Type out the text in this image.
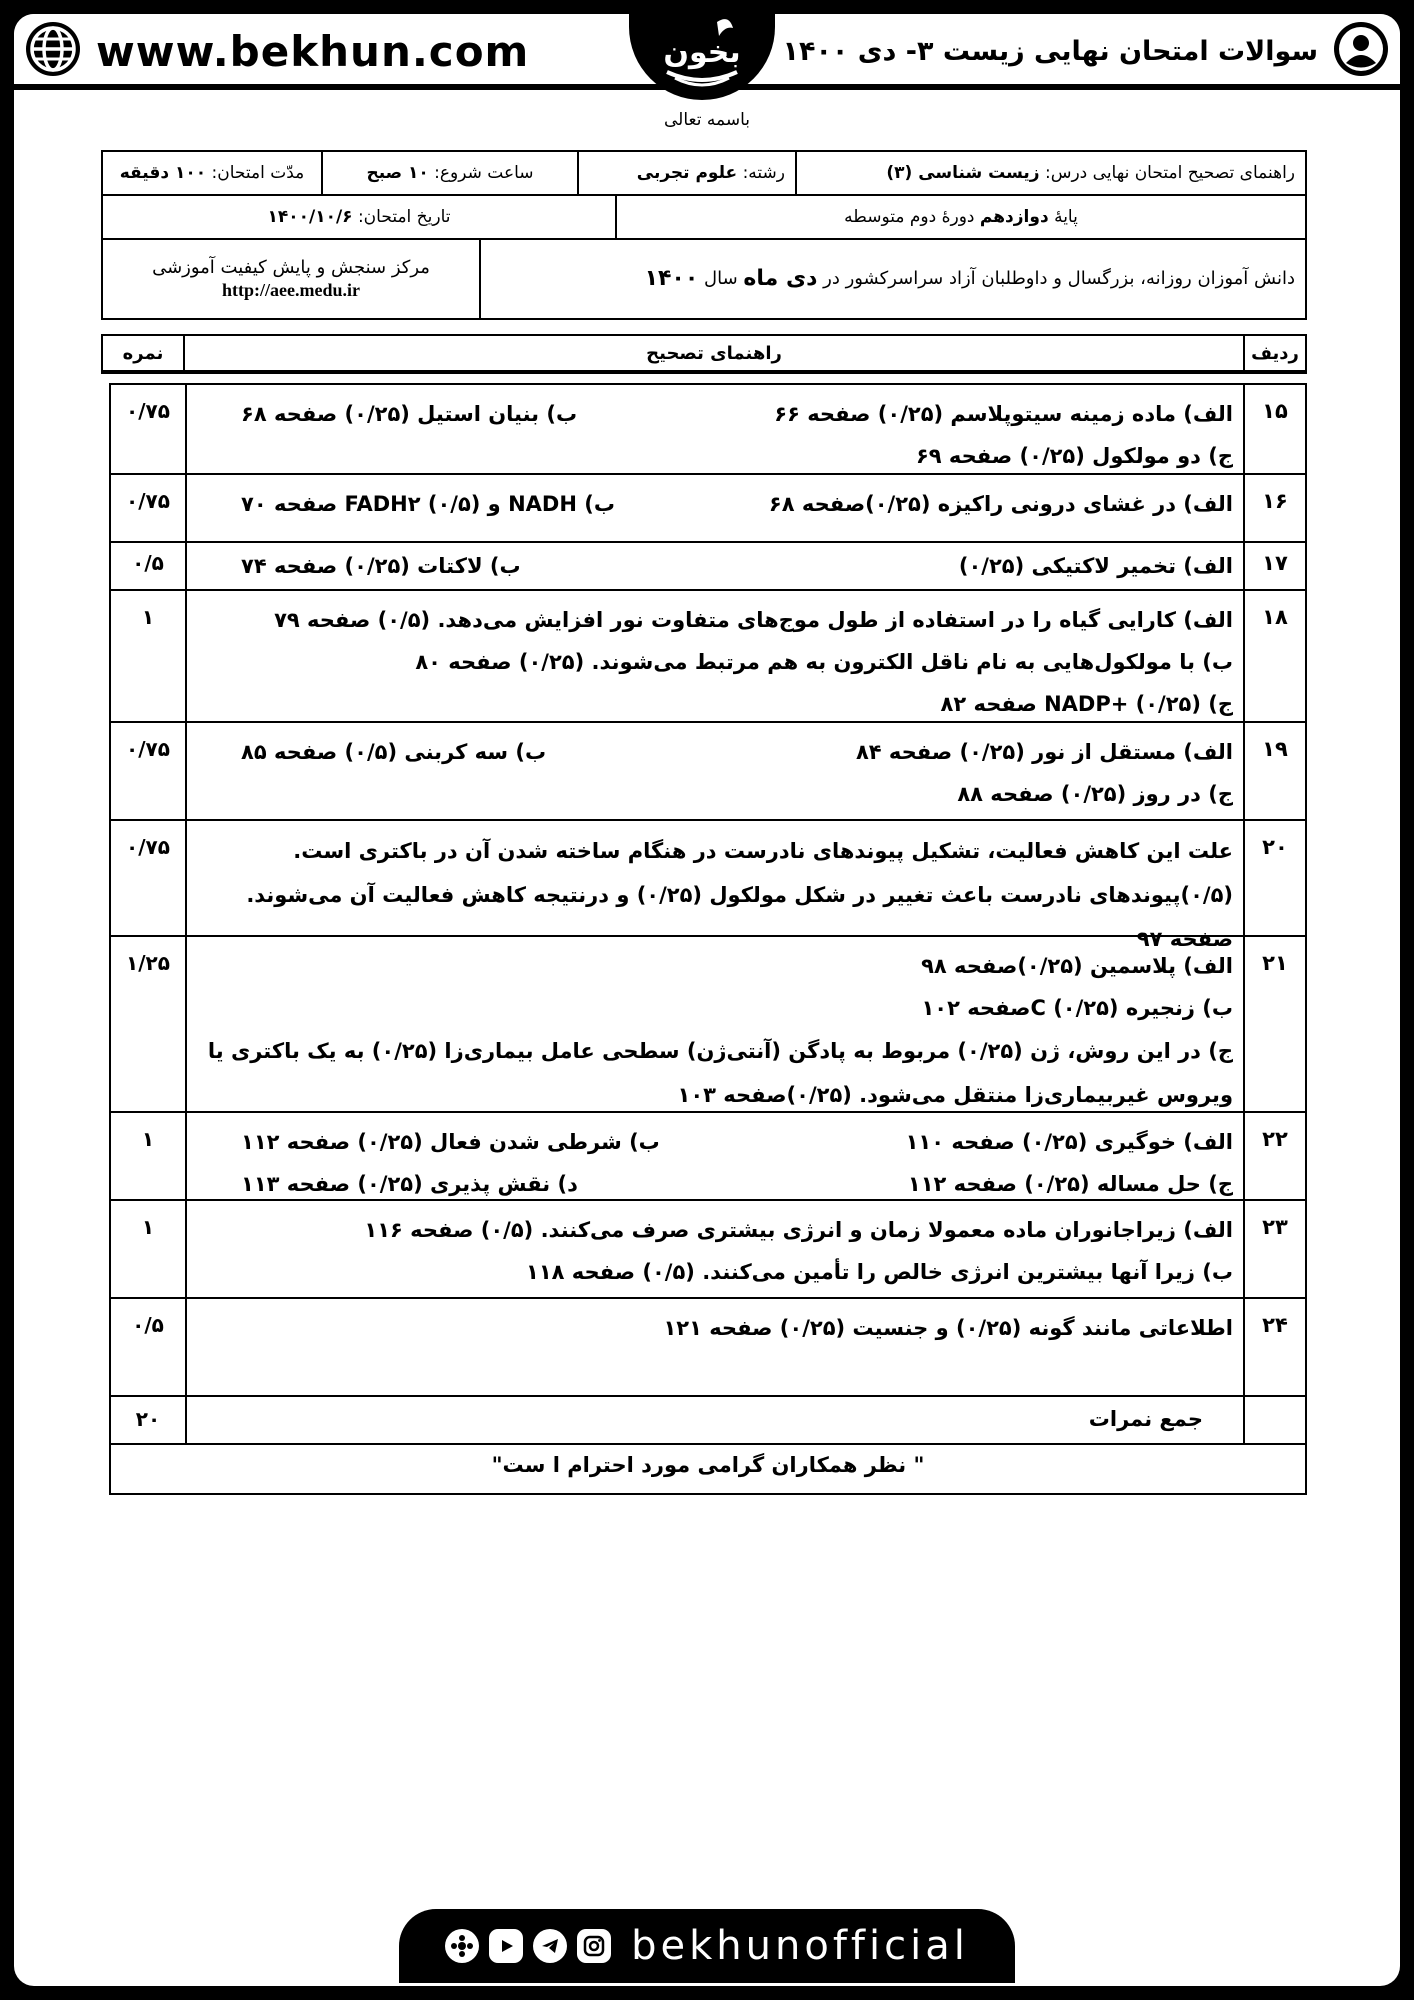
www.bekhun.com	بخون سوالات امتحان نهایی زیست ۳- دی ۱۴۰۰
باسمه تعالی
راهنمای تصحیح امتحان نهایی درس:

زیست شناسی (۳)
رشته:

علوم تجربی
ساعت شروع:

۱۰ صبح
مدّت امتحان:

۱۰۰ دقیقه
پایهٔ

دوازدهم

دورهٔ دوم متوسطه
تاریخ امتحان:

۱۴۰۰/۱۰/۶
دانش آموزان روزانه، بزرگسال و داوطلبان آزاد سراسرکشور در

دی ماه

سال

۱۴۰۰
مرکز سنجش و پایش کیفیت آموزشی
http://aee.medu.ir
ردیف
راهنمای تصحیح
نمره
۱۵
الف) ماده زمینه سیتوپلاسم (۰/۲۵) صفحه ۶۶
ب) بنیان استیل (۰/۲۵) صفحه ۶۸
ج) دو مولکول (۰/۲۵) صفحه ۶۹
۰/۷۵
۱۶
الف) در غشای درونی راکیزه (۰/۲۵)صفحه ۶۸
ب) NADH و FADH۲ (۰/۵) صفحه ۷۰
۰/۷۵
۱۷
الف) تخمیر لاکتیکی (۰/۲۵)
ب) لاکتات (۰/۲۵) صفحه ۷۴
۰/۵
۱۸
الف) کارایی گیاه را در استفاده از طول موج‌های متفاوت نور افزایش می‌دهد. (۰/۵) صفحه ۷۹
ب) با مولکول‌هایی به نام ناقل الکترون به هم مرتبط می‌شوند. (۰/۲۵) صفحه ۸۰
ج) NADP+ (۰/۲۵) صفحه ۸۲
۱
۱۹
الف) مستقل از نور (۰/۲۵) صفحه ۸۴
ب) سه کربنی (۰/۵) صفحه ۸۵
ج) در روز (۰/۲۵) صفحه ۸۸
۰/۷۵
۲۰
علت این کاهش فعالیت، تشکیل پیوندهای نادرست در هنگام ساخته شدن آن در باکتری است. (۰/۵)پیوندهای نادرست باعث تغییر در شکل مولکول (۰/۲۵) و درنتیجه کاهش فعالیت آن می‌شوند. صفحه ۹۷
۰/۷۵
۲۱
الف) پلاسمین (۰/۲۵)صفحه ۹۸
ب) زنجیره C (۰/۲۵)صفحه ۱۰۲
ج) در این روش، ژن (۰/۲۵) مربوط به پادگن (آنتی‌ژن) سطحی عامل بیماری‌زا (۰/۲۵) به یک باکتری یا ویروس غیربیماری‌زا منتقل می‌شود. (۰/۲۵)صفحه ۱۰۳
۱/۲۵
۲۲
الف) خوگیری (۰/۲۵) صفحه ۱۱۰
ب) شرطی شدن فعال (۰/۲۵) صفحه ۱۱۲
ج) حل مساله (۰/۲۵) صفحه ۱۱۲
د) نقش پذیری (۰/۲۵) صفحه ۱۱۳
۱
۲۳
الف) زیراجانوران ماده معمولا زمان و انرژی بیشتری صرف می‌کنند. (۰/۵) صفحه ۱۱۶
ب) زیرا آنها بیشترین انرژی خالص را تأمین می‌کنند. (۰/۵) صفحه ۱۱۸
۱
۲۴
اطلاعاتی مانند گونه (۰/۲۵) و جنسیت (۰/۲۵) صفحه ۱۲۱
۰/۵
جمع نمرات
۲۰
" نظر همکاران گرامی مورد احترام ا ست"
bekhunofficial
